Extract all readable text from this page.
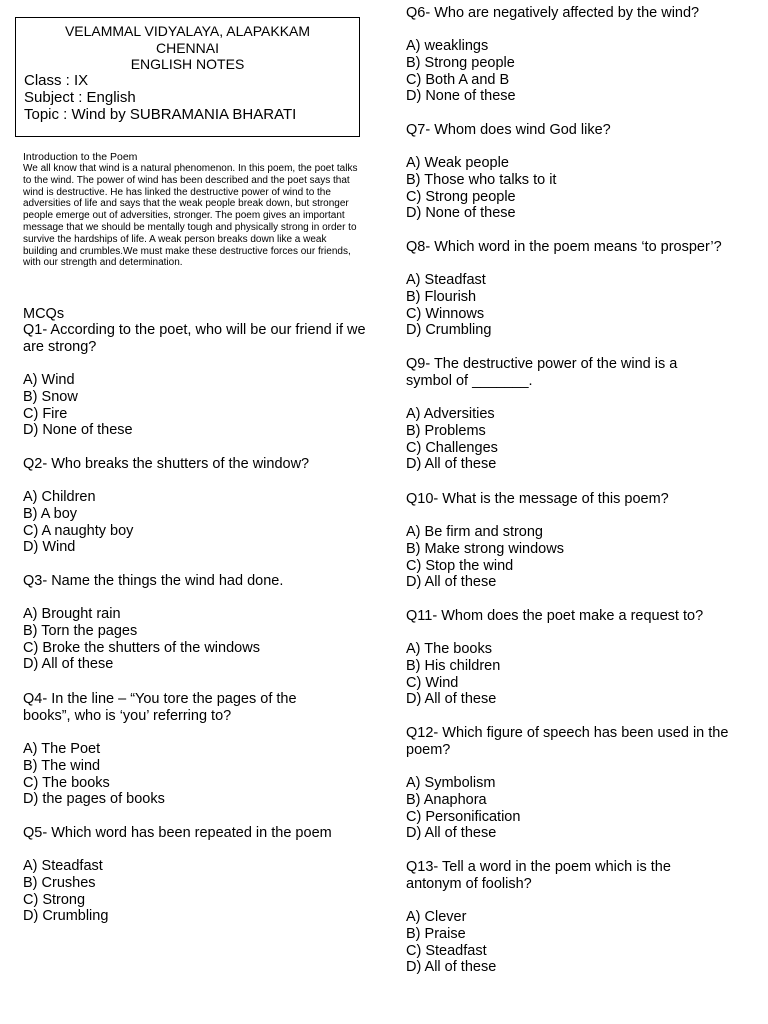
VELAMMAL VIDYALAYA, ALAPAKKAM
CHENNAI
ENGLISH NOTES
Class : IX
Subject : English
Topic : Wind by SUBRAMANIA BHARATI
Introduction to the Poem
We all know that wind is a natural phenomenon. In this poem, the poet talks to the wind. The power of wind has been described and the poet says that wind is destructive. He has linked the destructive power of wind to the adversities of life and says that the weak people break down, but stronger people emerge out of adversities, stronger. The poem gives an important message that we should be mentally tough and physically strong in order to survive the hardships of life. A weak person breaks down like a weak building and crumbles.We must make these destructive forces our friends, with our strength and determination.
MCQs

Q1- According to the poet, who will be our friend if we are strong?

A) Wind

B) Snow

C) Fire

D) None of these

Q2- Who breaks the shutters of the window?

A) Children

B) A boy

C) A naughty boy

D) Wind

Q3- Name the things the wind had done.

A) Brought rain

B) Torn the pages

C) Broke the shutters of the windows

D) All of these

Q4- In the line – “You tore the pages of the books”, who is ‘you’ referring to?

A) The Poet

B) The wind

C) The books

D) the pages of books

Q5- Which word has been repeated in the poem

A) Steadfast

B) Crushes

C) Strong

D) Crumbling

Q6- Who are negatively affected by the wind?

A) weaklings

B) Strong people

C) Both A and B

D) None of these

Q7- Whom does wind God like?

A) Weak people

B) Those who talks to it

C) Strong people

D) None of these

Q8- Which word in the poem means ‘to prosper’?

A) Steadfast

B) Flourish

C) Winnows

D) Crumbling

Q9- The destructive power of the wind is a symbol of _______.

A) Adversities

B) Problems

C) Challenges

D) All of these

Q10- What is the message of this poem?

A) Be firm and strong

B) Make strong windows

C) Stop the wind

D) All of these

Q11- Whom does the poet make a request to?

A) The books

B) His children

C) Wind

D) All of these

Q12- Which figure of speech has been used in the poem?

A) Symbolism

B) Anaphora

C) Personification

D) All of these

Q13- Tell a word in the poem which is the antonym of foolish?

A) Clever

B) Praise

C) Steadfast

D) All of these
